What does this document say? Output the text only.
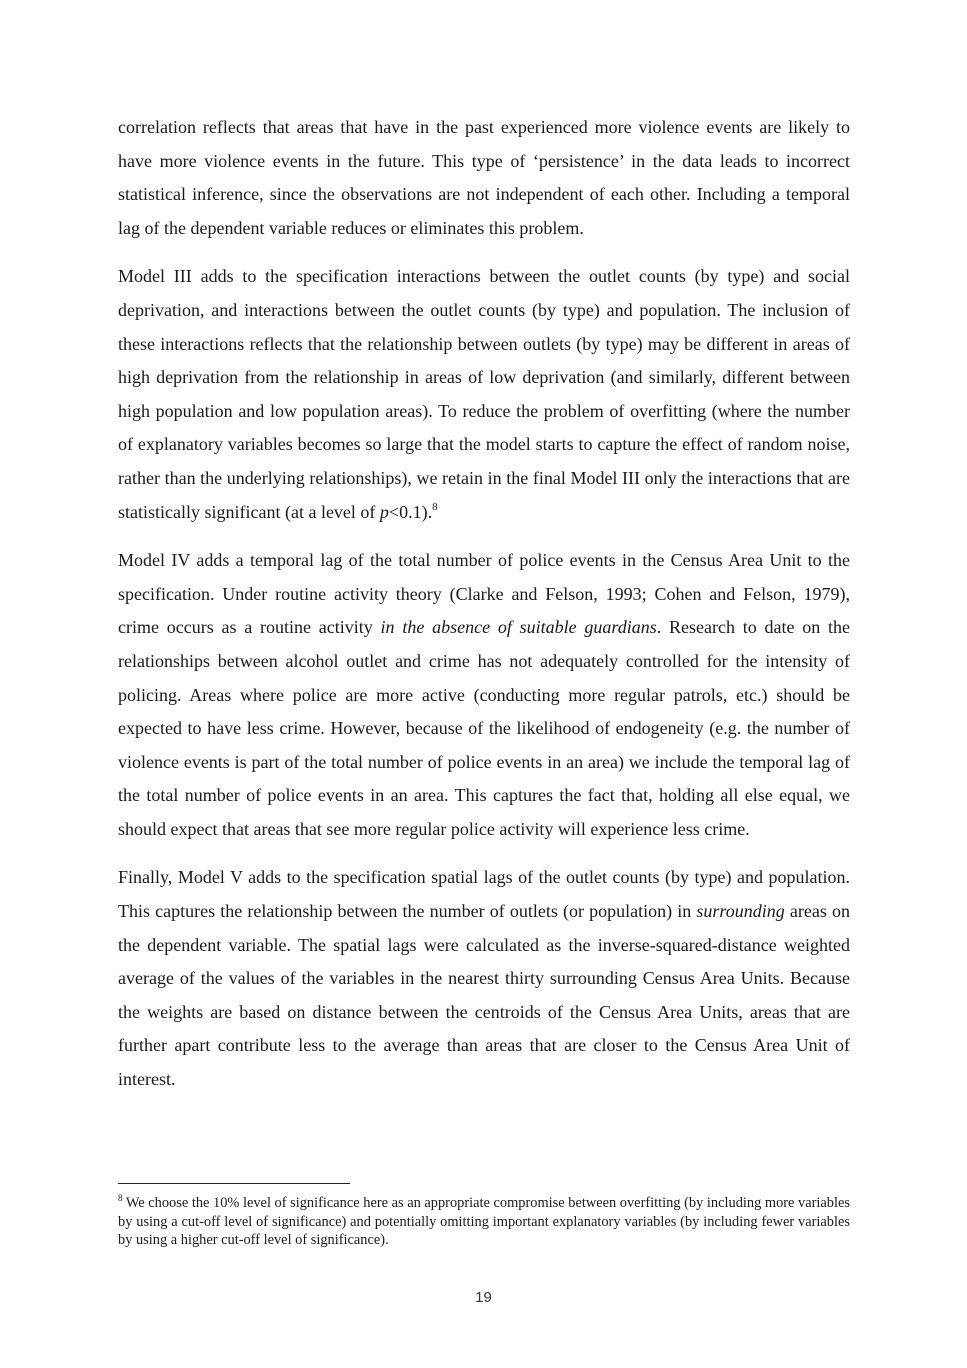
correlation reflects that areas that have in the past experienced more violence events are likely to have more violence events in the future. This type of ‘persistence’ in the data leads to incorrect statistical inference, since the observations are not independent of each other. Including a temporal lag of the dependent variable reduces or eliminates this problem.

Model III adds to the specification interactions between the outlet counts (by type) and social deprivation, and interactions between the outlet counts (by type) and population. The inclusion of these interactions reflects that the relationship between outlets (by type) may be different in areas of high deprivation from the relationship in areas of low deprivation (and similarly, different between high population and low population areas). To reduce the problem of overfitting (where the number of explanatory variables becomes so large that the model starts to capture the effect of random noise, rather than the underlying relationships), we retain in the final Model III only the interactions that are statistically significant (at a level of p<0.1).$^8$

Model IV adds a temporal lag of the total number of police events in the Census Area Unit to the specification. Under routine activity theory (Clarke and Felson, 1993; Cohen and Felson, 1979), crime occurs as a routine activity in the absence of suitable guardians. Research to date on the relationships between alcohol outlet and crime has not adequately controlled for the intensity of policing. Areas where police are more active (conducting more regular patrols, etc.) should be expected to have less crime. However, because of the likelihood of endogeneity (e.g. the number of violence events is part of the total number of police events in an area) we include the temporal lag of the total number of police events in an area. This captures the fact that, holding all else equal, we should expect that areas that see more regular police activity will experience less crime.

Finally, Model V adds to the specification spatial lags of the outlet counts (by type) and population. This captures the relationship between the number of outlets (or population) in surrounding areas on the dependent variable. The spatial lags were calculated as the inverse-squared-distance weighted average of the values of the variables in the nearest thirty surrounding Census Area Units. Because the weights are based on distance between the centroids of the Census Area Units, areas that are further apart contribute less to the average than areas that are closer to the Census Area Unit of interest.

$^8$ We choose the 10% level of significance here as an appropriate compromise between overfitting (by including more variables by using a cut-off level of significance) and potentially omitting important explanatory variables (by including fewer variables by using a higher cut-off level of significance).

19
